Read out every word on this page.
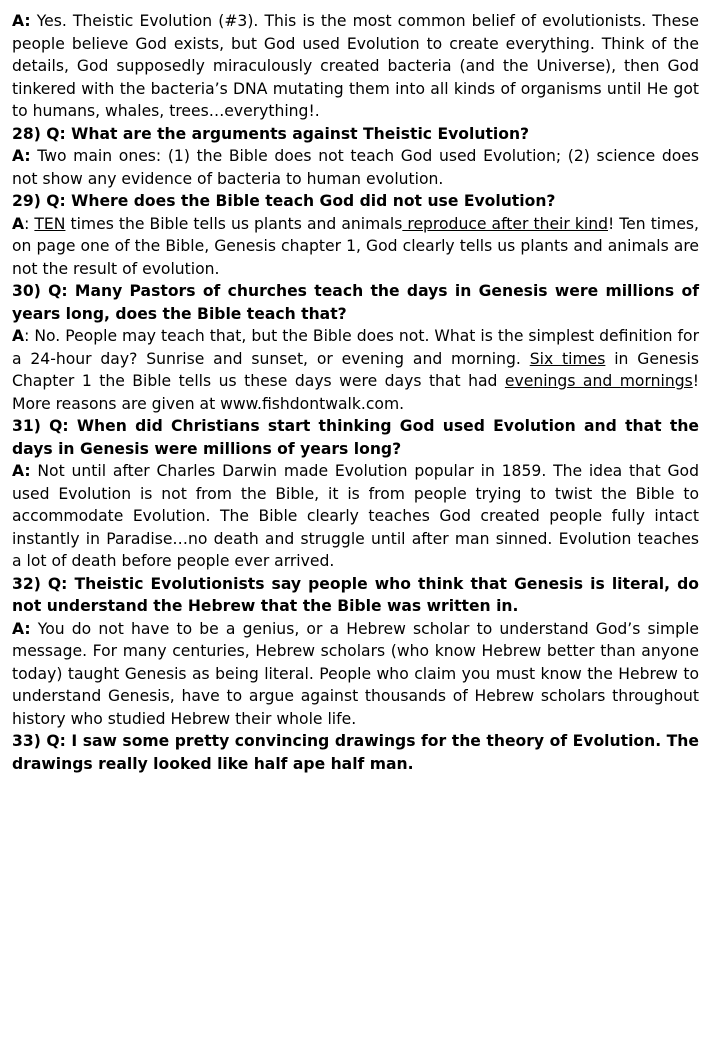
A: Yes. Theistic Evolution (#3). This is the most common belief of evolutionists. These people believe God exists, but God used Evolution to create everything. Think of the details, God supposedly miraculously created bacteria (and the Universe), then God tinkered with the bacteria’s DNA mutating them into all kinds of organisms until He got to humans, whales, trees…everything!.

28) Q: What are the arguments against Theistic Evolution?

A: Two main ones: (1) the Bible does not teach God used Evolution; (2) science does not show any evidence of bacteria to human evolution.

29) Q: Where does the Bible teach God did not use Evolution?

A: TEN times the Bible tells us plants and animals reproduce after their kind! Ten times, on page one of the Bible, Genesis chapter 1, God clearly tells us plants and animals are not the result of evolution.

30) Q: Many Pastors of churches teach the days in Genesis were millions of years long, does the Bible teach that?

A: No. People may teach that, but the Bible does not. What is the simplest definition for a 24-hour day? Sunrise and sunset, or evening and morning. Six times in Genesis Chapter 1 the Bible tells us these days were days that had evenings and mornings! More reasons are given at www.fishdontwalk.com.

31) Q: When did Christians start thinking God used Evolution and that the days in Genesis were millions of years long?

A: Not until after Charles Darwin made Evolution popular in 1859. The idea that God used Evolution is not from the Bible, it is from people trying to twist the Bible to accommodate Evolution. The Bible clearly teaches God created people fully intact instantly in Paradise…no death and struggle until after man sinned. Evolution teaches a lot of death before people ever arrived.

32) Q: Theistic Evolutionists say people who think that Genesis is literal, do not understand the Hebrew that the Bible was written in.

A: You do not have to be a genius, or a Hebrew scholar to understand God’s simple message. For many centuries, Hebrew scholars (who know Hebrew better than anyone today) taught Genesis as being literal. People who claim you must know the Hebrew to understand Genesis, have to argue against thousands of Hebrew scholars throughout history who studied Hebrew their whole life.

33) Q: I saw some pretty convincing drawings for the theory of Evolution. The drawings really looked like half ape half man.
